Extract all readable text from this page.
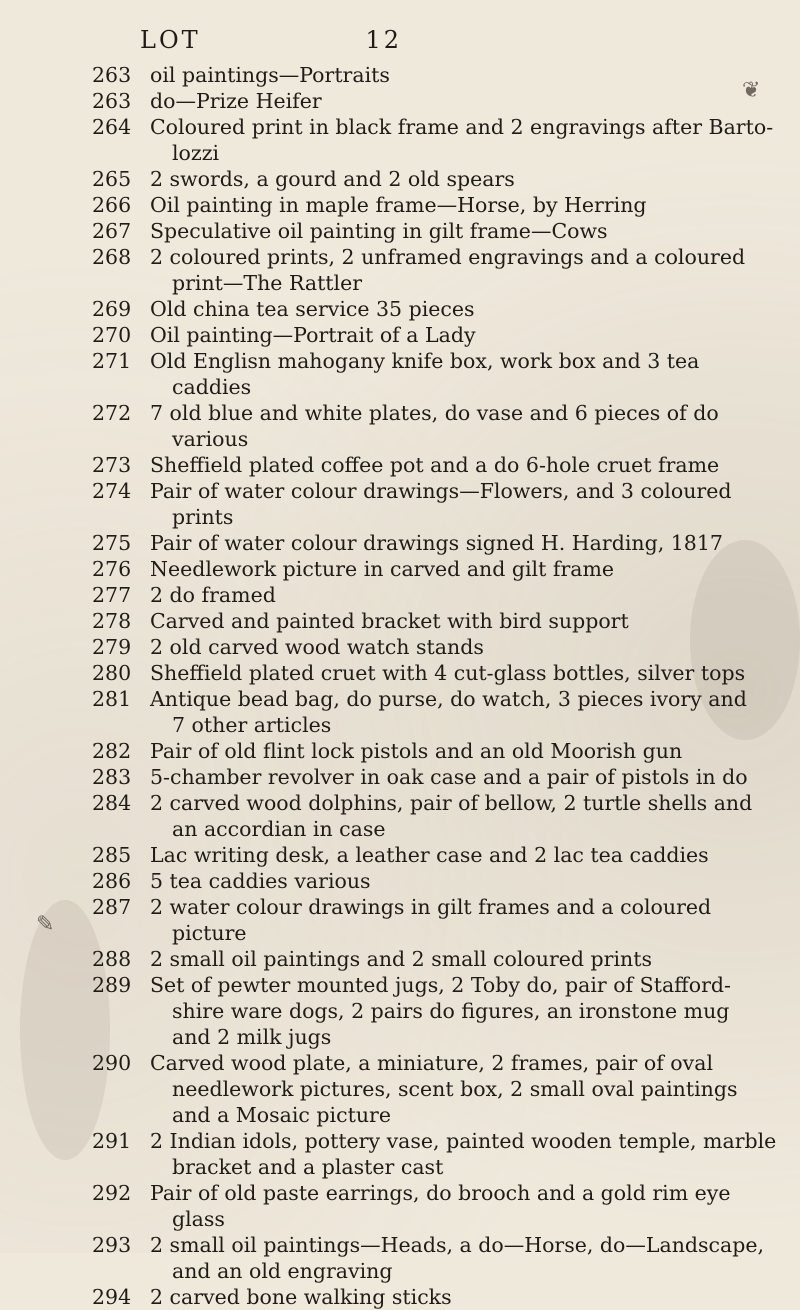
LOT	12
263 oil paintings—Portraits
263 do—Prize Heifer
264 Coloured print in black frame and 2 engravings after Barto-
lozzi
265 2 swords, a gourd and 2 old spears
266 Oil painting in maple frame—Horse, by Herring
267 Speculative oil painting in gilt frame—Cows
268 2 coloured prints, 2 unframed engravings and a coloured
print—The Rattler
269 Old china tea service 35 pieces
270 Oil painting—Portrait of a Lady
271 Old Englisn mahogany knife box, work box and 3 tea
caddies
272 7 old blue and white plates, do vase and 6 pieces of do
various
273 Sheffield plated coffee pot and a do 6-hole cruet frame
274 Pair of water colour drawings—Flowers, and 3 coloured
prints
275 Pair of water colour drawings signed H. Harding, 1817
276 Needlework picture in carved and gilt frame
277 2 do framed
278 Carved and painted bracket with bird support
279 2 old carved wood watch stands
280 Sheffield plated cruet with 4 cut-glass bottles, silver tops
281 Antique bead bag, do purse, do watch, 3 pieces ivory and
7 other articles
282 Pair of old flint lock pistols and an old Moorish gun
283 5-chamber revolver in oak case and a pair of pistols in do
284 2 carved wood dolphins, pair of bellow, 2 turtle shells and
an accordian in case
285 Lac writing desk, a leather case and 2 lac tea caddies
286 5 tea caddies various
287 2 water colour drawings in gilt frames and a coloured
picture
288 2 small oil paintings and 2 small coloured prints
289 Set of pewter mounted jugs, 2 Toby do, pair of Stafford-
shire ware dogs, 2 pairs do figures, an ironstone mug
and 2 milk jugs
290 Carved wood plate, a miniature, 2 frames, pair of oval
needlework pictures, scent box, 2 small oval paintings
and a Mosaic picture
291 2 Indian idols, pottery vase, painted wooden temple, marble
bracket and a plaster cast
292 Pair of old paste earrings, do brooch and a gold rim eye
glass
293 2 small oil paintings—Heads, a do—Horse, do—Landscape,
and an old engraving
294 2 carved bone walking sticks
❦
✎
